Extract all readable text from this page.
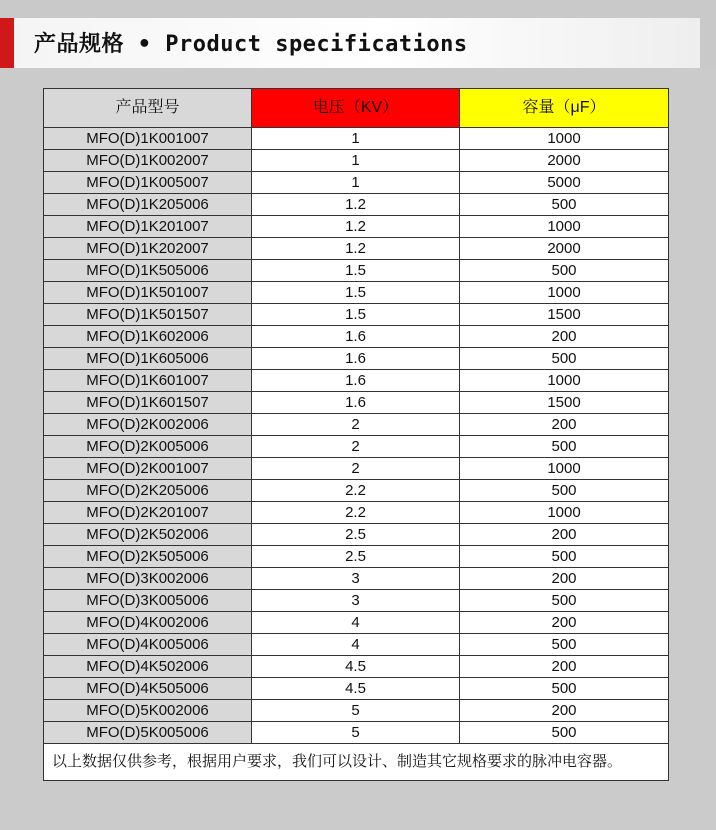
产品规格 • Product specifications
产品型号	电压（KV）	容量（μF）
MFO(D)1K001007	1	1000
MFO(D)1K002007	1	2000
MFO(D)1K005007	1	5000
MFO(D)1K205006	1.2	500
MFO(D)1K201007	1.2	1000
MFO(D)1K202007	1.2	2000
MFO(D)1K505006	1.5	500
MFO(D)1K501007	1.5	1000
MFO(D)1K501507	1.5	1500
MFO(D)1K602006	1.6	200
MFO(D)1K605006	1.6	500
MFO(D)1K601007	1.6	1000
MFO(D)1K601507	1.6	1500
MFO(D)2K002006	2	200
MFO(D)2K005006	2	500
MFO(D)2K001007	2	1000
MFO(D)2K205006	2.2	500
MFO(D)2K201007	2.2	1000
MFO(D)2K502006	2.5	200
MFO(D)2K505006	2.5	500
MFO(D)3K002006	3	200
MFO(D)3K005006	3	500
MFO(D)4K002006	4	200
MFO(D)4K005006	4	500
MFO(D)4K502006	4.5	200
MFO(D)4K505006	4.5	500
MFO(D)5K002006	5	200
MFO(D)5K005006	5	500
以上数据仅供参考，根据用户要求，我们可以设计、制造其它规格要求的脉冲电容器。		
